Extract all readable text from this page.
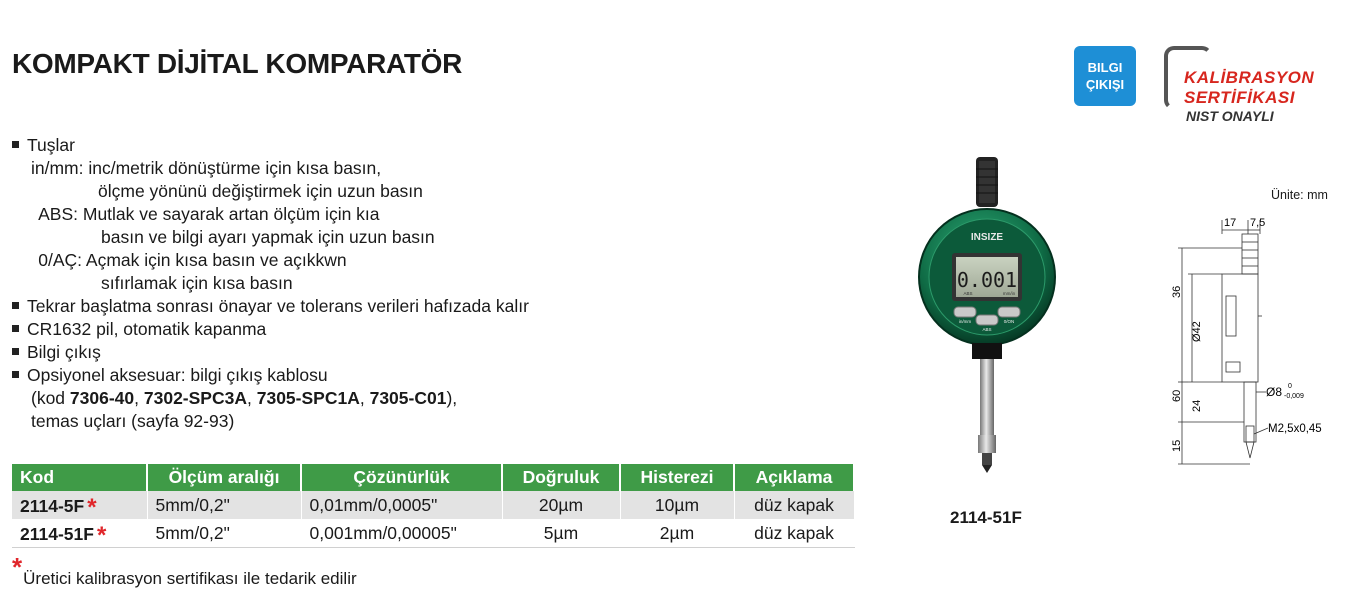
KOMPAKT DİJİTAL KOMPARATÖR	BILGI
ÇIKIŞI	KALİBRASYON
SERTİFİKASI
NIST ONAYLI
Tuşlar
in/mm: inc/metrik dönüştürme için kısa basın,
ölçme yönünü değiştirmek için uzun basın
ABS: Mutlak ve sayarak artan ölçüm için kıa
basın ve bilgi ayarı yapmak için uzun basın
0/AÇ: Açmak için kısa basın ve açıkkwn
sıfırlamak için kısa basın
Tekrar başlatma sonrası önayar ve tolerans verileri hafızada kalır
CR1632 pil, otomatik kapanma
Bilgi çıkış
Opsiyonel aksesuar: bilgi çıkış kablosu
(kod 7306-40, 7302-SPC3A, 7305-SPC1A, 7305-C01),
temas uçları (sayfa 92-93)
Kod	Ölçüm aralığı	Çözünürlük	Doğruluk	Histerezi	Açıklama
2114-5F *	5mm/0,2"	0,01mm/0,0005"	20µm	10µm	düz kapak
2114-51F *	5mm/0,2"	0,001mm/0,00005"	5µm	2µm	düz kapak
*Üretici kalibrasyon sertifikası ile tedarik edilir
INSIZE
0.001
ABS	mm/in
in/mm
ABS
0/ON
2114-51F
Ünite: mm
17 7,5
36
Ø42
60
24
15
Ø8 0
-0,009
M2,5x0,45
